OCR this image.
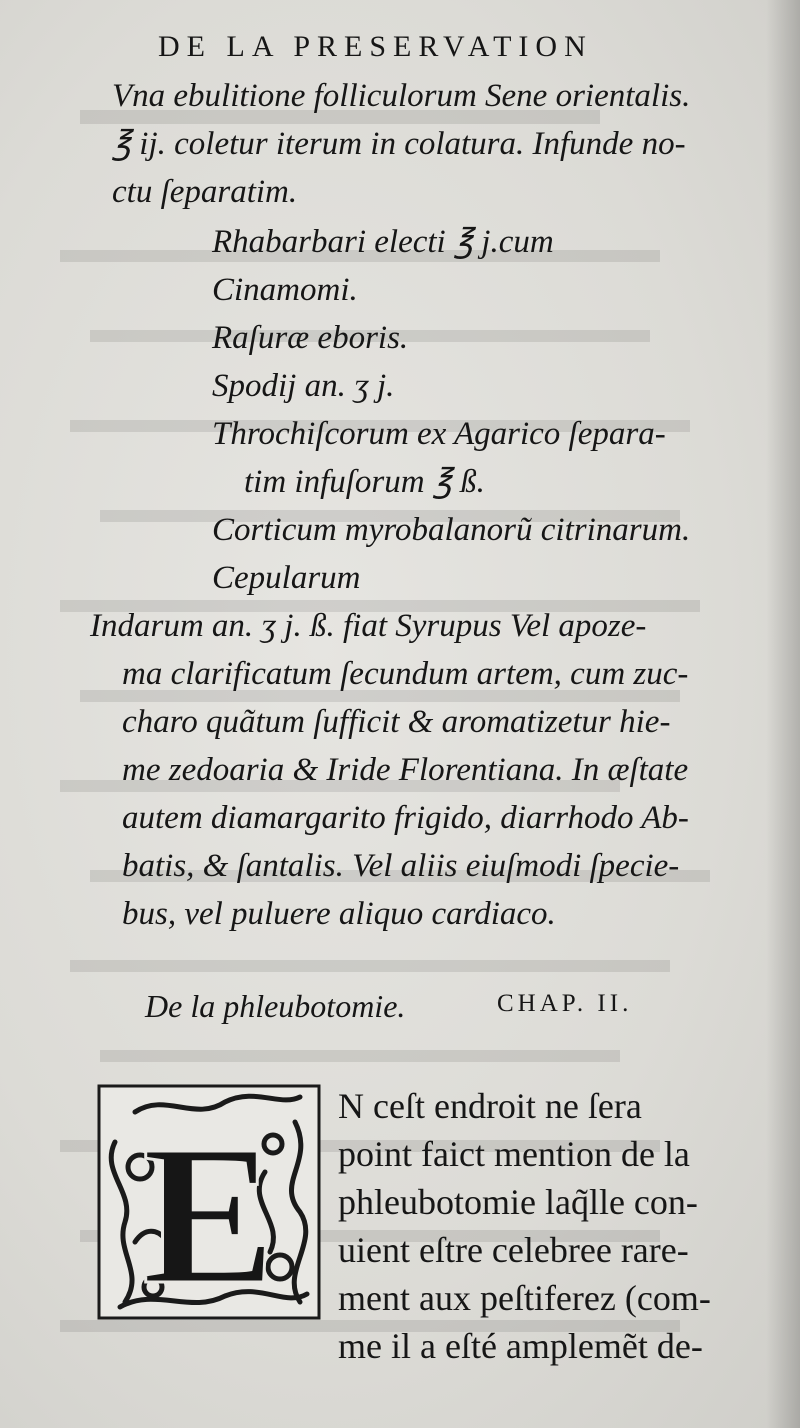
DE LA PRESERVATION
Vna ebulitione folliculorum Sene orientalis.
℥ ij. coletur iterum in colatura. Infunde no-
ctu ſeparatim.
Rhabarbari electi ℥ j.cum
Cinamomi.
Raſuræ eboris.
Spodij an. ʒ j.
Throchiſcorum ex Agarico ſepara-
tim infuſorum ℥ ß.
Corticum myrobalanorũ citrinarum.
Cepularum
Indarum an. ʒ j. ß. fiat Syrupus Vel apoze-
ma clarificatum ſecundum artem, cum zuc-
charo quãtum ſufficit & aromatizetur hie-
me zedoaria & Iride Florentiana. In æſtate
autem diamargarito frigido, diarrhodo Ab-
batis, & ſantalis. Vel aliis eiuſmodi ſpecie-
bus, vel puluere aliquo cardiaco.
De la phleubotomie.	CHAP. II.
E N ceſt endroit ne ſera
point faict mention de la
phleubotomie laq̃lle con-
uient eſtre celebree rare-
ment aux peſtiferez (com-
me il a eſté amplemẽt de-
